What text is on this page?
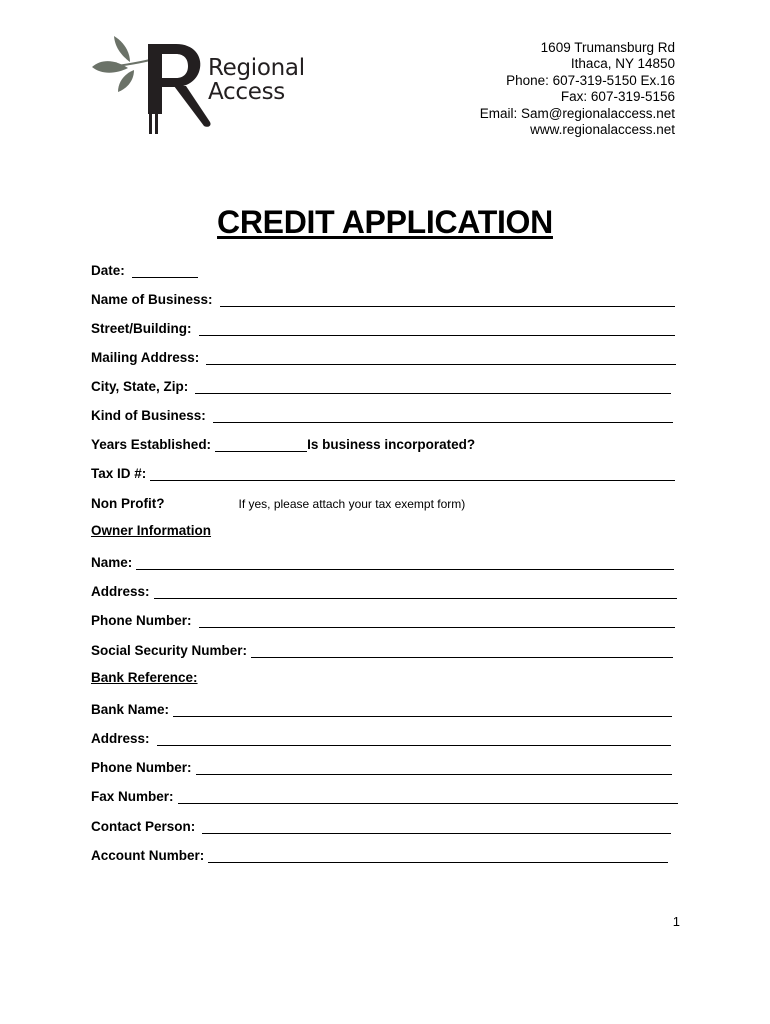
Regional
Access
1609 Trumansburg Rd
Ithaca, NY 14850
Phone: 607-319-5150 Ex.16
Fax: 607-319-5156
Email: Sam@regionalaccess.net
www.regionalaccess.net
CREDIT APPLICATION
Date:
Name of Business:
Street/Building:
Mailing Address:
City, State, Zip:
Kind of Business:
Years Established:	Is business incorporated?
Tax ID #:
Non Profit?	If yes, please attach your tax exempt form)
Owner Information
Name:
Address:
Phone Number:
Social Security Number:
Bank Reference:
Bank Name:
Address:
Phone Number:
Fax Number:
Contact Person:
Account Number:
1
